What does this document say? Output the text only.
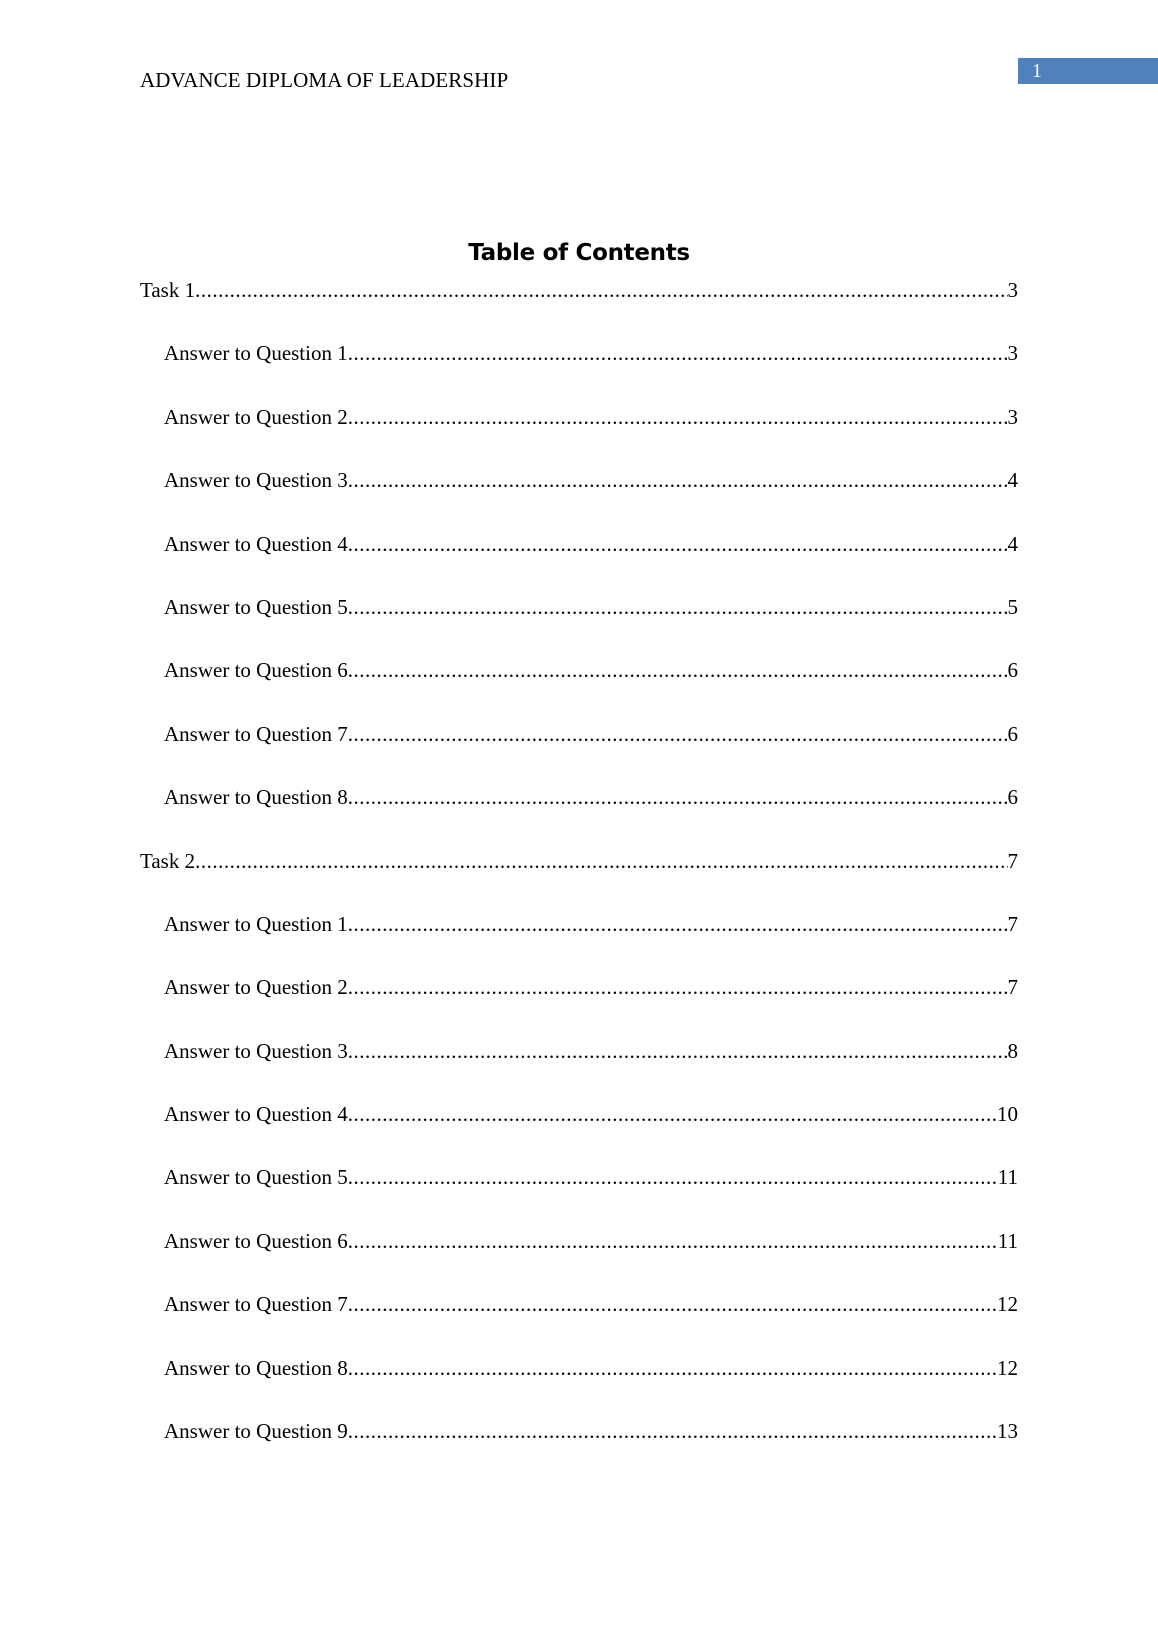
ADVANCE DIPLOMA OF LEADERSHIP	1
Table of Contents
Task 1 .....	3
Answer to Question 1 .....	3
Answer to Question 2 .....	3
Answer to Question 3 .....	4
Answer to Question 4 .....	4
Answer to Question 5 .....	5
Answer to Question 6 .....	6
Answer to Question 7 .....	6
Answer to Question 8 .....	6
Task 2 .....	7
Answer to Question 1 .....	7
Answer to Question 2 .....	7
Answer to Question 3 .....	8
Answer to Question 4 .....	10
Answer to Question 5 .....	11
Answer to Question 6 .....	11
Answer to Question 7 .....	12
Answer to Question 8 .....	12
Answer to Question 9 .....	13
